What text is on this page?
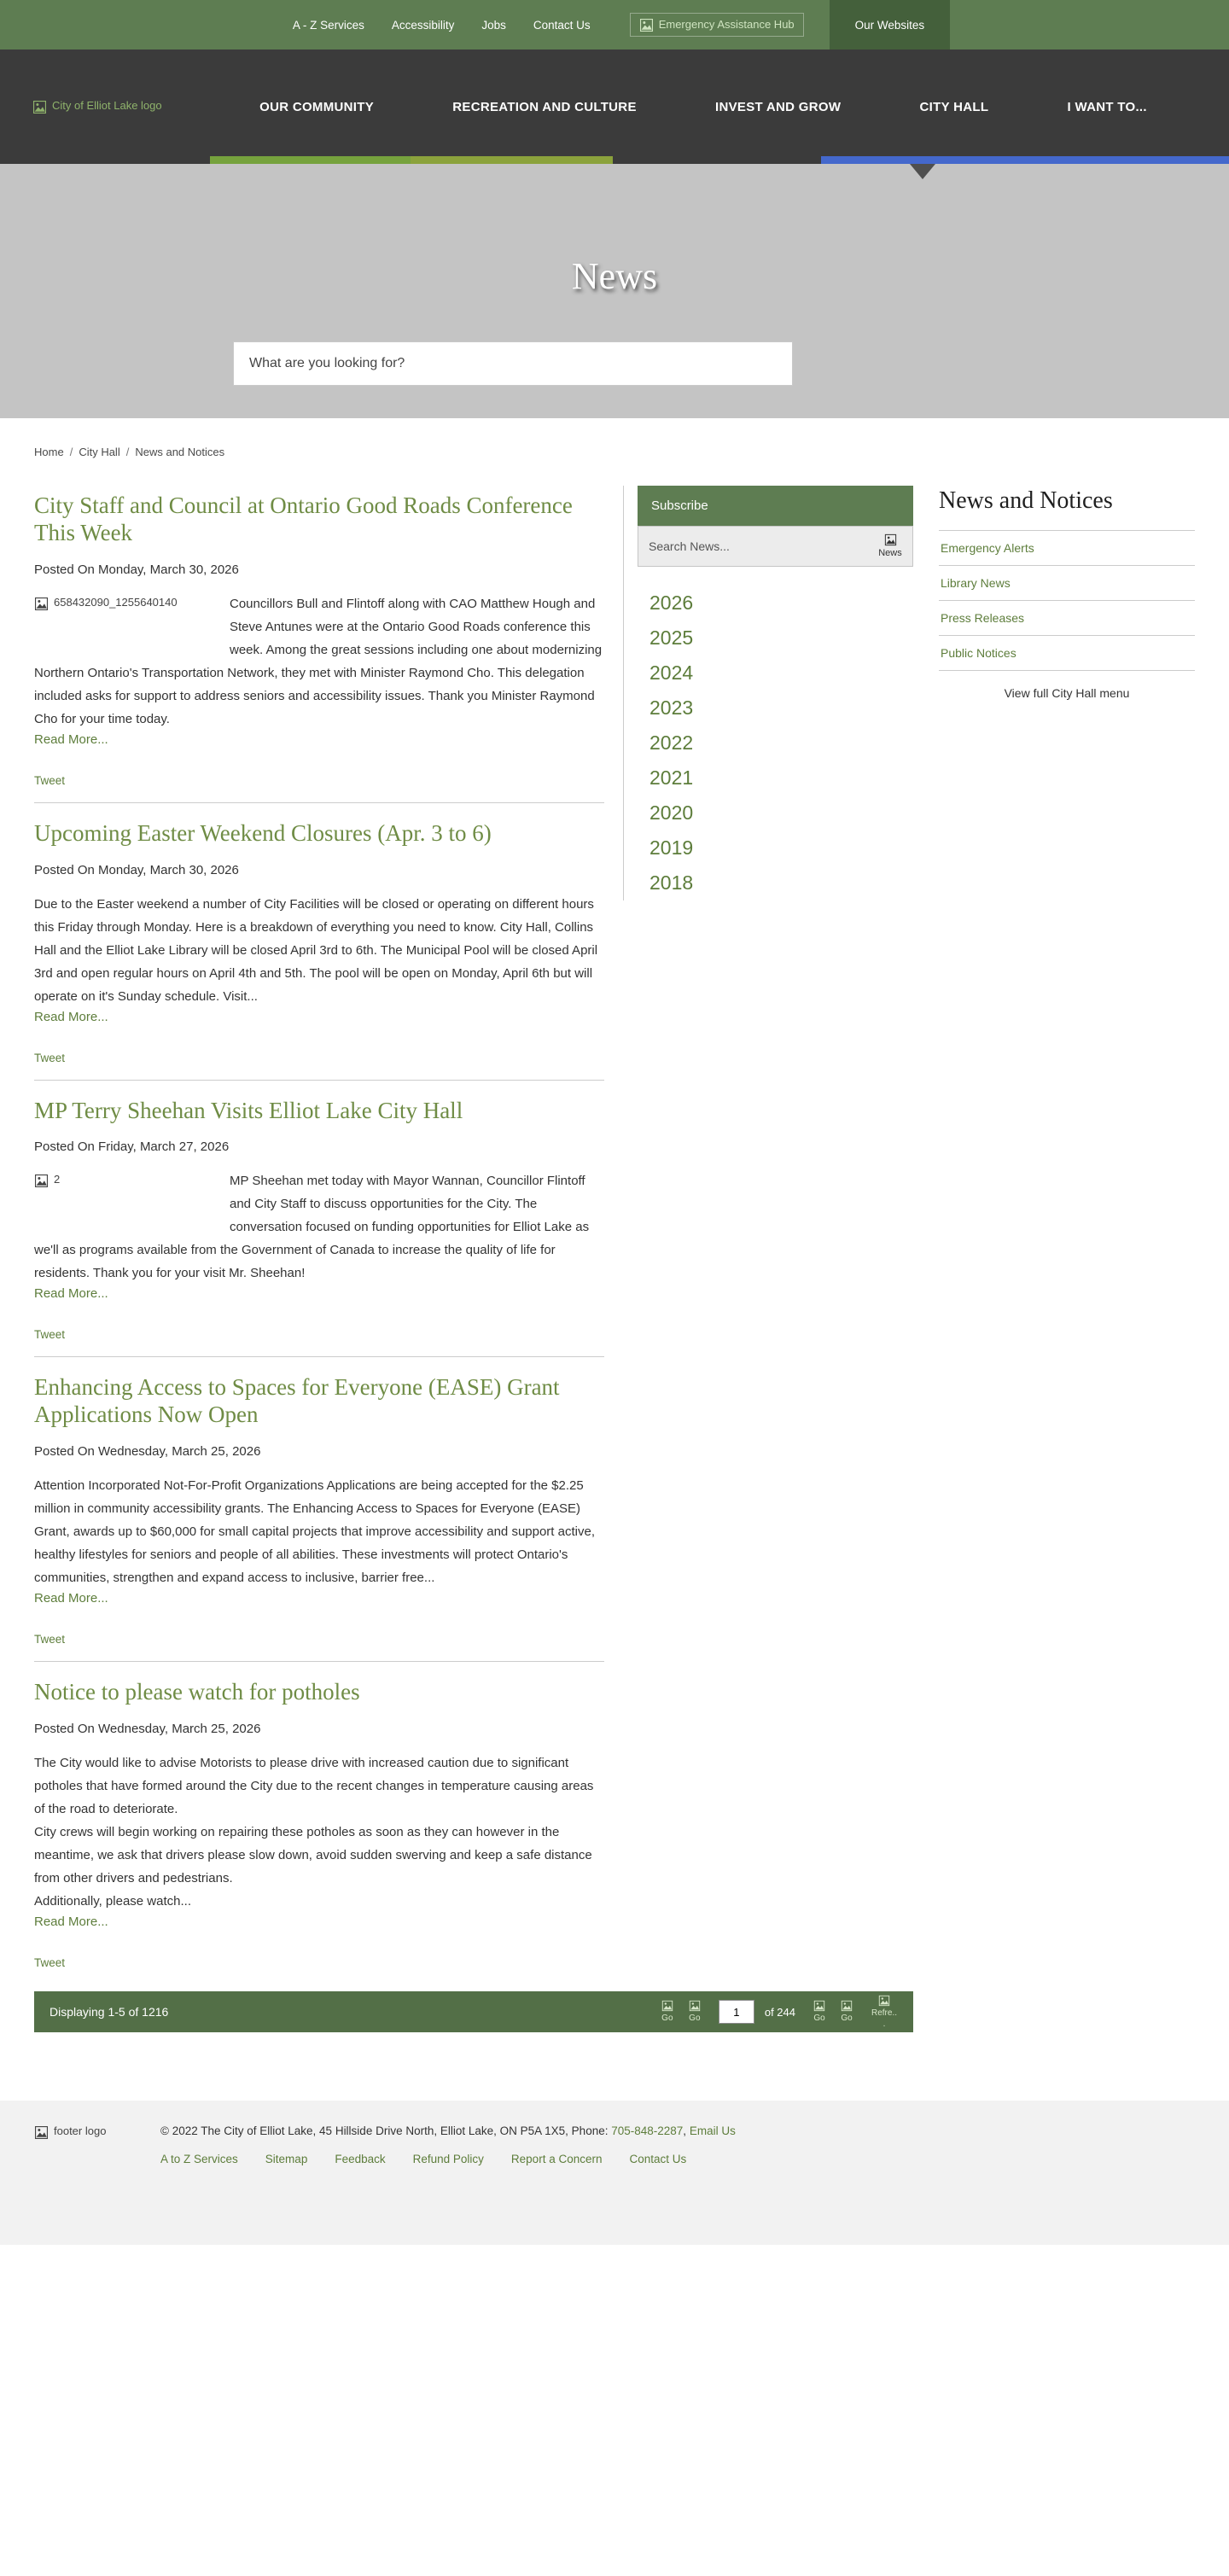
A - Z Services	Accessibility	Jobs	Contact Us	Emergency Assistance Hub	Our Websites
City of Elliot Lake logo	OUR COMMUNITY	RECREATION AND CULTURE	INVEST AND GROW	CITY HALL	I WANT TO...
News
What are you looking for?
Home / City Hall / News and Notices
City Staff and Council at Ontario Good Roads Conference This Week
Posted On Monday, March 30, 2026
658432090_1255640140	Councillors Bull and Flintoff along with CAO Matthew Hough and Steve Antunes were at the Ontario Good Roads conference this week. Among the great sessions including one about modernizing Northern Ontario's Transportation Network, they met with Minister Raymond Cho. This delegation included asks for support to address seniors and accessibility issues. Thank you Minister Raymond Cho for your time today.

Read More...
Tweet
Upcoming Easter Weekend Closures (Apr. 3 to 6)
Posted On Monday, March 30, 2026

Due to the Easter weekend a number of City Facilities will be closed or operating on different hours this Friday through Monday. Here is a breakdown of everything you need to know. City Hall, Collins Hall and the Elliot Lake Library will be closed April 3rd to 6th. The Municipal Pool will be closed April 3rd and open regular hours on April 4th and 5th. The pool will be open on Monday, April 6th but will operate on it's Sunday schedule. Visit...

Read More...
Tweet
MP Terry Sheehan Visits Elliot Lake City Hall
Posted On Friday, March 27, 2026
2	MP Sheehan met today with Mayor Wannan, Councillor Flintoff and City Staff to discuss opportunities for the City. The conversation focused on funding opportunities for Elliot Lake as we'll as programs available from the Government of Canada to increase the quality of life for residents. Thank you for your visit Mr. Sheehan!

Read More...
Tweet
Enhancing Access to Spaces for Everyone (EASE) Grant Applications Now Open
Posted On Wednesday, March 25, 2026

Attention Incorporated Not-For-Profit Organizations Applications are being accepted for the $2.25 million in community accessibility grants. The Enhancing Access to Spaces for Everyone (EASE) Grant, awards up to $60,000 for small capital projects that improve accessibility and support active, healthy lifestyles for seniors and people of all abilities. These investments will protect Ontario's communities, strengthen and expand access to inclusive, barrier free...

Read More...
Tweet
Notice to please watch for potholes
Posted On Wednesday, March 25, 2026

The City would like to advise Motorists to please drive with increased caution due to significant potholes that have formed around the City due to the recent changes in temperature causing areas of the road to deteriorate.

City crews will begin working on repairing these potholes as soon as they can however in the meantime, we ask that drivers please slow down, avoid sudden swerving and keep a safe distance from other drivers and pedestrians.

Additionally, please watch...

Read More...
Tweet
Subscribe
Search News...
News
2026
2025
2024
2023
2022
2021
2020
2019
2018
Displaying 1-5 of 1216	Go Go
1
of 244
Go Go
Refre...
News and Notices
Emergency Alerts
Library News
Press Releases
Public Notices
View full City Hall menu
footer logo	© 2022 The City of Elliot Lake, 45 Hillside Drive North, Elliot Lake, ON P5A 1X5, Phone: 705-848-2287, Email Us
A to Z Services Sitemap Feedback Refund Policy Report a Concern Contact Us
